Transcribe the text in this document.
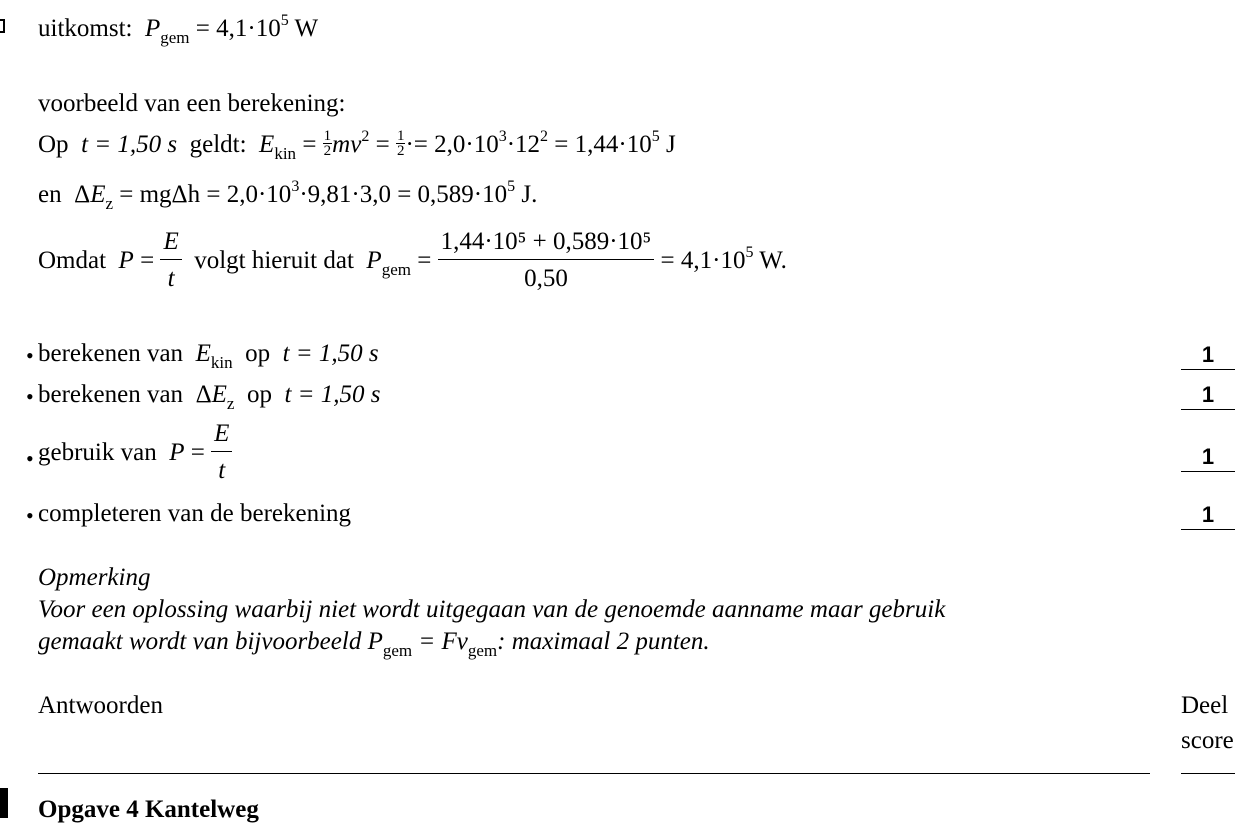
uitkomst: $P_{gem} = 4,1\cdot 10^5$ W
voorbeeld van een berekening:
Op t = 1,50 s geldt: $E_{kin} = \frac{1}{2} mv^2 = \frac{1}{2} \cdot= 2,0\cdot 10^3\cdot 12^2 = 1,44\cdot 10^5$ J
en  $\Delta E_z = mg\Delta h = 2,0\cdot 10^3\cdot 9,81\cdot 3,0 = 0,589\cdot 10^5$ J.
Omdat $P = \frac{E}{t}$ volgt hieruit dat $P_{gem} = \frac{\text{1,44·10⁵ + 0,589·10⁵}}{0,50} = 4,1\cdot 10^5$ W.
• berekenen van $E_{kin}$ op t = 1,50 s	1
• berekenen van  $\Delta E_z$ op t = 1,50 s	1
• gebruik van $P = \frac{E}{t}$	1
• completeren van de berekening	1
Opmerking
Voor een oplossing waarbij niet wordt uitgegaan van de genoemde aanname maar gebruik
gemaakt wordt van bijvoorbeeld $P_{gem} = Fv_{gem}$: maximaal 2 punten.
Antwoorden	Deel
score
Opgave 4 Kantelweg
